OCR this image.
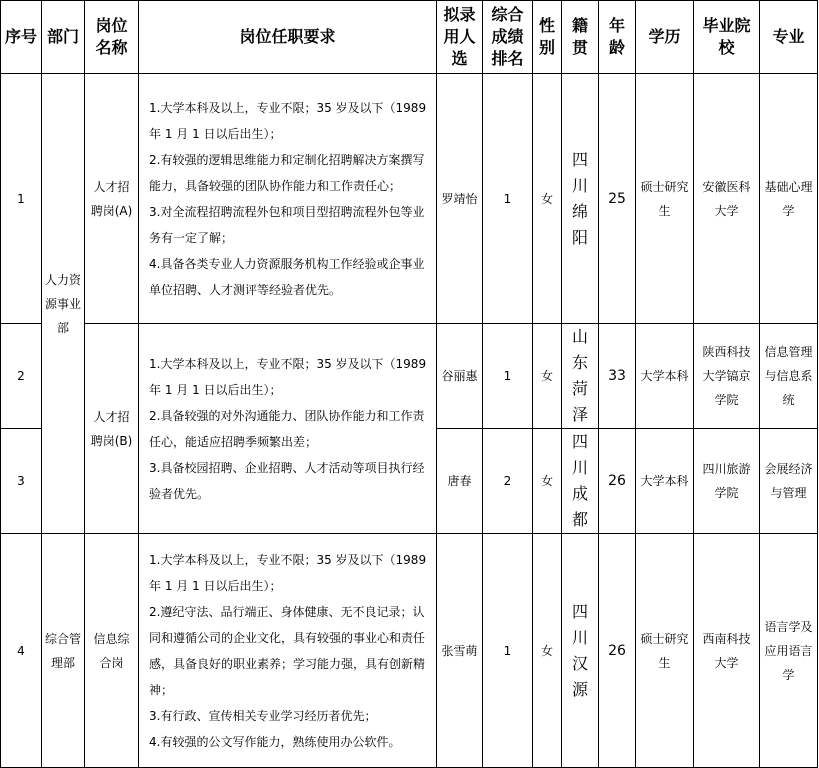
序号	部门	岗位名称	岗位任职要求	拟录用人选	综合成绩排名	性别	籍贯	年龄	学历	毕业院校	专业
1	人力资源事业部	人才招聘岗(A)	1.大学本科及以上，专业不限；35 岁及以下（1989 年 1 月 1 日以后出生）；
2.有较强的逻辑思维能力和定制化招聘解决方案撰写能力，具备较强的团队协作能力和工作责任心；
3.对全流程招聘流程外包和项目型招聘流程外包等业务有一定了解；
4.具备各类专业人力资源服务机构工作经验或企事业单位招聘、人才测评等经验者优先。	罗靖怡	1	女	四川绵阳	25	硕士研究生	安徽医科大学	基础心理学
2		人才招聘岗(B)	1.大学本科及以上，专业不限；35 岁及以下（1989 年 1 月 1 日以后出生）；
2.具备较强的对外沟通能力、团队协作能力和工作责任心，能适应招聘季频繁出差；
3.具备校园招聘、企业招聘、人才活动等项目执行经验者优先。	谷丽惠	1	女	山东菏泽	33	大学本科	陕西科技大学镐京学院	信息管理与信息系统
3				唐春	2	女	四川成都	26	大学本科	四川旅游学院	会展经济与管理
4	综合管理部	信息综合岗	1.大学本科及以上，专业不限；35 岁及以下（1989 年 1 月 1 日以后出生）；
2.遵纪守法、品行端正、身体健康、无不良记录；认同和遵循公司的企业文化，具有较强的事业心和责任感，具备良好的职业素养；学习能力强，具有创新精神；
3.有行政、宣传相关专业学习经历者优先；
4.有较强的公文写作能力，熟练使用办公软件。	张雪萌	1	女	四川汉源	26	硕士研究生	西南科技大学	语言学及应用语言学
